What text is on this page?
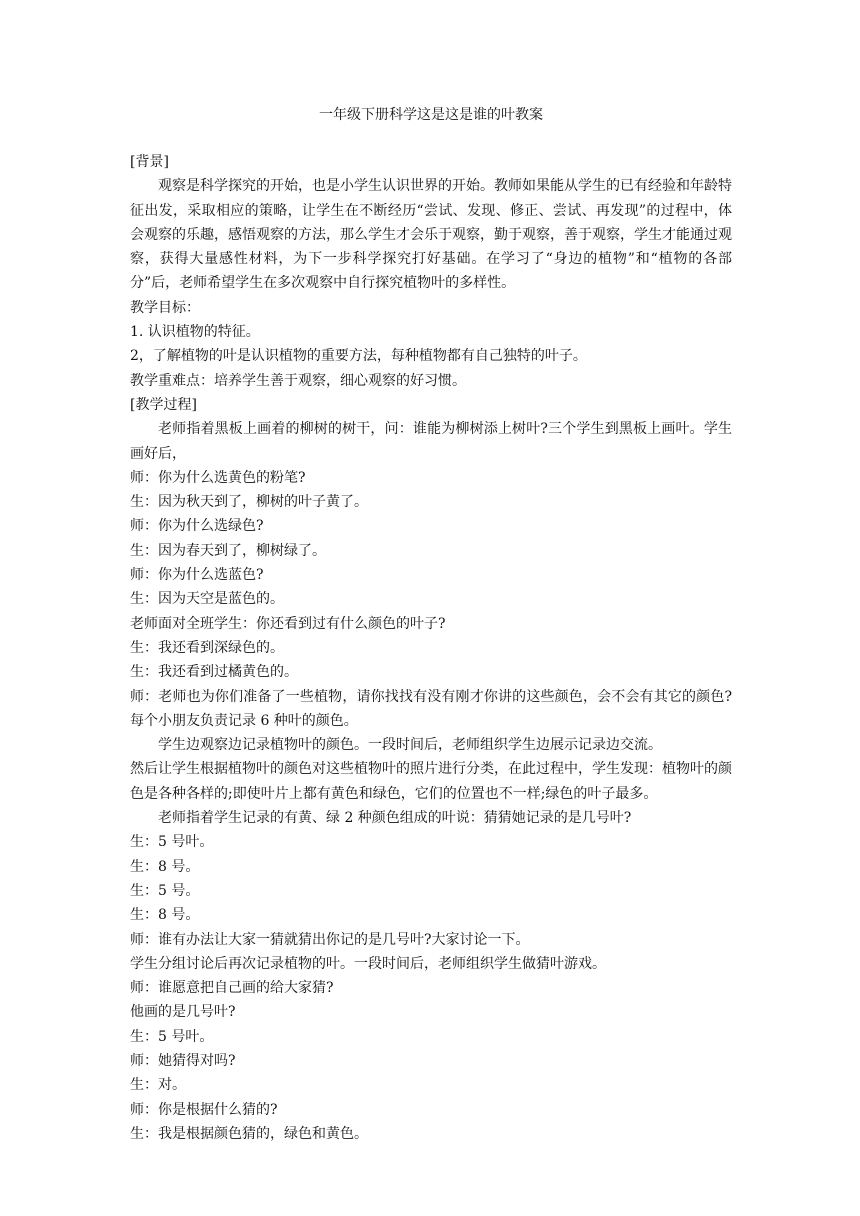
一年级下册科学这是这是谁的叶教案

[背景]

观察是科学探究的开始，也是小学生认识世界的开始。教师如果能从学生的已有经验和年龄特征出发，采取相应的策略，让学生在不断经历“尝试、发现、修正、尝试、再发现”的过程中，体会观察的乐趣，感悟观察的方法，那么学生才会乐于观察，勤于观察，善于观察，学生才能通过观察，获得大量感性材料，为下一步科学探究打好基础。在学习了“身边的植物”和“植物的各部分”后，老师希望学生在多次观察中自行探究植物叶的多样性。

教学目标：

1. 认识植物的特征。

2，了解植物的叶是认识植物的重要方法，每种植物都有自己独特的叶子。

教学重难点：培养学生善于观察，细心观察的好习惯。

[教学过程]

老师指着黑板上画着的柳树的树干，问：谁能为柳树添上树叶?三个学生到黑板上画叶。学生画好后，

师：你为什么选黄色的粉笔?

生：因为秋天到了，柳树的叶子黄了。

师：你为什么选绿色?

生：因为春天到了，柳树绿了。

师：你为什么选蓝色?

生：因为天空是蓝色的。

老师面对全班学生：你还看到过有什么颜色的叶子?

生：我还看到深绿色的。

生：我还看到过橘黄色的。

师：老师也为你们准备了一些植物，请你找找有没有刚才你讲的这些颜色，会不会有其它的颜色?每个小朋友负责记录 6 种叶的颜色。

学生边观察边记录植物叶的颜色。一段时间后，老师组织学生边展示记录边交流。

然后让学生根据植物叶的颜色对这些植物叶的照片进行分类，在此过程中，学生发现：植物叶的颜色是各种各样的;即使叶片上都有黄色和绿色，它们的位置也不一样;绿色的叶子最多。

老师指着学生记录的有黄、绿 2 种颜色组成的叶说：猜猜她记录的是几号叶?

生：5 号叶。

生：8 号。

生：5 号。

生：8 号。

师：谁有办法让大家一猜就猜出你记的是几号叶?大家讨论一下。

学生分组讨论后再次记录植物的叶。一段时间后，老师组织学生做猜叶游戏。

师：谁愿意把自己画的给大家猜?

他画的是几号叶?

生：5 号叶。

师：她猜得对吗?

生：对。

师：你是根据什么猜的?

生：我是根据颜色猜的，绿色和黄色。
